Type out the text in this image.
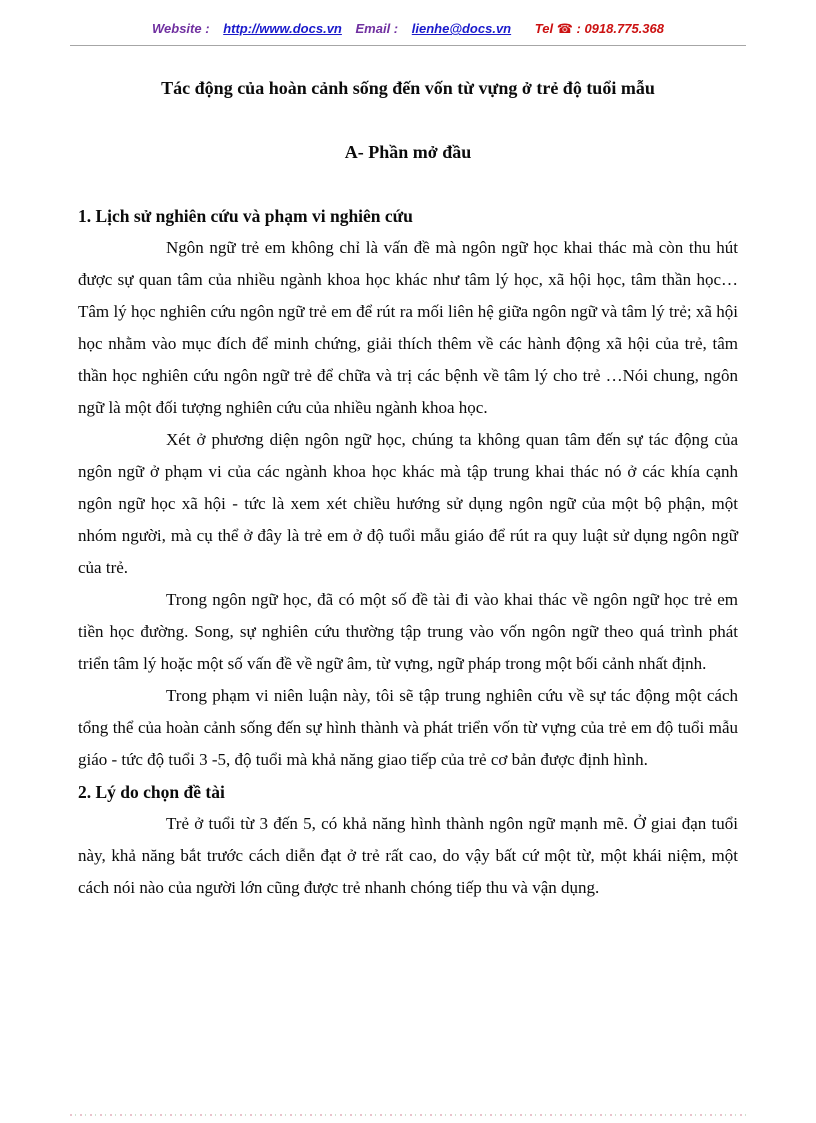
Website : http://www.docs.vn Email : lienhe@docs.vn Tel ☎ : 0918.775.368
Tác động của hoàn cảnh sống đến vốn từ vựng ở trẻ độ tuổi mẫu
A- Phần mở đầu
1. Lịch sử nghiên cứu và phạm vi nghiên cứu

Ngôn ngữ trẻ em không chỉ là vấn đề mà ngôn ngữ học khai thác mà còn thu hút được sự quan tâm của nhiều ngành khoa học khác như tâm lý học, xã hội học, tâm thần học…Tâm lý học nghiên cứu ngôn ngữ trẻ em để rút ra mối liên hệ giữa ngôn ngữ và tâm lý trẻ; xã hội học nhằm vào mục đích để minh chứng, giải thích thêm về các hành động xã hội của trẻ, tâm thần học nghiên cứu ngôn ngữ trẻ để chữa và trị các bệnh về tâm lý cho trẻ …Nói chung, ngôn ngữ là một đối tượng nghiên cứu của nhiều ngành khoa học.

Xét ở phương diện ngôn ngữ học, chúng ta không quan tâm đến sự tác động của ngôn ngữ ở phạm vi của các ngành khoa học khác mà tập trung khai thác nó ở các khía cạnh ngôn ngữ học xã hội - tức là xem xét chiều hướng sử dụng ngôn ngữ của một bộ phận, một nhóm người, mà cụ thể ở đây là trẻ em ở độ tuổi mẫu giáo để rút ra quy luật sử dụng ngôn ngữ của trẻ.

Trong ngôn ngữ học, đã có một số đề tài đi vào khai thác về ngôn ngữ học trẻ em tiền học đường. Song, sự nghiên cứu thường tập trung vào vốn ngôn ngữ theo quá trình phát triển tâm lý hoặc một số vấn đề về ngữ âm, từ vựng, ngữ pháp trong một bối cảnh nhất định.

Trong phạm vi niên luận này, tôi sẽ tập trung nghiên cứu về sự tác động một cách tổng thể của hoàn cảnh sống đến sự hình thành và phát triển vốn từ vựng của trẻ em độ tuổi mẫu giáo - tức độ tuổi 3 -5, độ tuổi mà khả năng giao tiếp của trẻ cơ bản được định hình.

2. Lý do chọn đề tài

Trẻ ở tuổi từ 3 đến 5, có khả năng hình thành ngôn ngữ mạnh mẽ. Ở giai đạn tuổi này, khả năng bắt trước cách diễn đạt ở trẻ rất cao, do vậy bất cứ một từ, một khái niệm, một cách nói nào của người lớn cũng được trẻ nhanh chóng tiếp thu và vận dụng.
